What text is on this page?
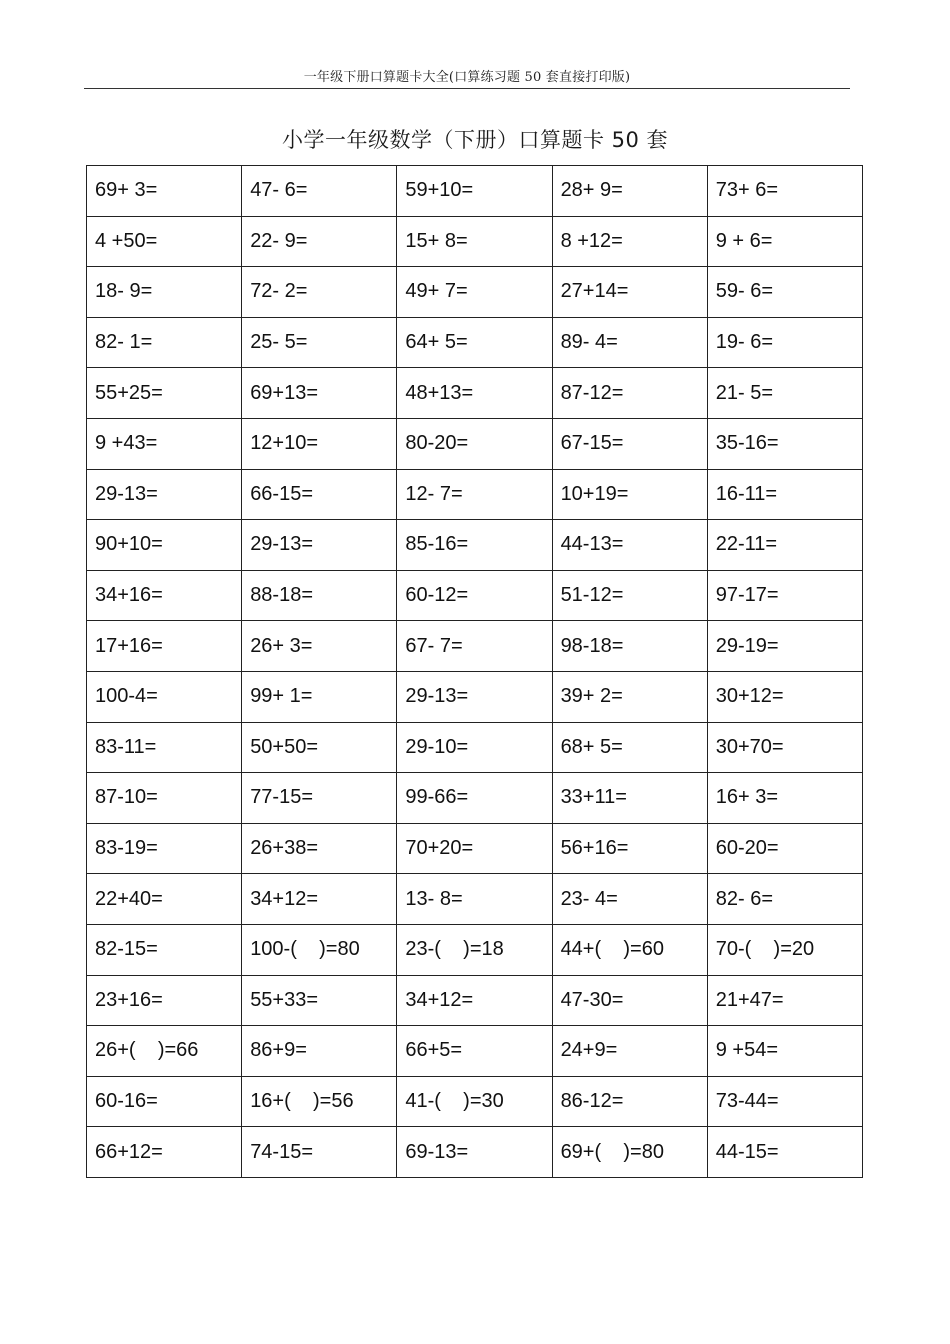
一年级下册口算题卡大全(口算练习题 50 套直接打印版)
小学一年级数学（下册）口算题卡 50 套
69+ 3=	47- 6=	59+10=	28+ 9=	73+ 6=
4 +50=	22- 9=	15+ 8=	8 +12=	9 + 6=
18- 9=	72- 2=	49+ 7=	27+14=	59- 6=
82- 1=	25- 5=	64+ 5=	89- 4=	19- 6=
55+25=	69+13=	48+13=	87-12=	21- 5=
9 +43=	12+10=	80-20=	67-15=	35-16=
29-13=	66-15=	12- 7=	10+19=	16-11=
90+10=	29-13=	85-16=	44-13=	22-11=
34+16=	88-18=	60-12=	51-12=	97-17=
17+16=	26+ 3=	67- 7=	98-18=	29-19=
100-4=	99+ 1=	29-13=	39+ 2=	30+12=
83-11=	50+50=	29-10=	68+ 5=	30+70=
87-10=	77-15=	99-66=	33+11=	16+ 3=
83-19=	26+38=	70+20=	56+16=	60-20=
22+40=	34+12=	13- 8=	23- 4=	82- 6=
82-15=	100-(    )=80	23-(    )=18	44+(    )=60	70-(    )=20
23+16=	55+33=	34+12=	47-30=	21+47=
26+(    )=66	86+9=	66+5=	24+9=	9 +54=
60-16=	16+(    )=56	41-(    )=30	86-12=	73-44=
66+12=	74-15=	69-13=	69+(    )=80	44-15=
